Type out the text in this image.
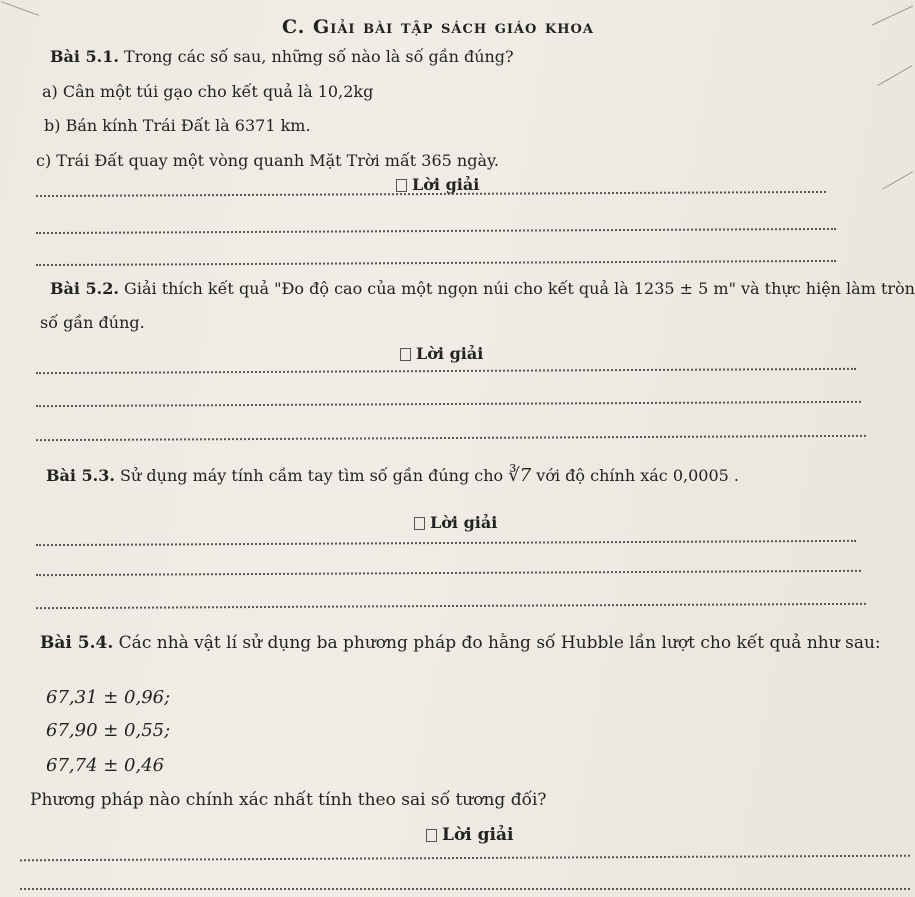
C. Giải bài tập sách giáo khoa
Bài 5.1. Trong các số sau, những số nào là số gần đúng?
a) Cân một túi gạo cho kết quả là 10,2kg
b) Bán kính Trái Đất là 6371 km.
c) Trái Đất quay một vòng quanh Mặt Trời mất 365 ngày.
Lời giải
Bài 5.2. Giải thích kết quả "Đo độ cao của một ngọn núi cho kết quả là 1235 ± 5 m" và thực hiện làm tròn
số gần đúng.
Lời giải
Bài 5.3. Sử dụng máy tính cầm tay tìm số gần đúng cho ∛7 với độ chính xác 0,0005 .
Lời giải
Bài 5.4. Các nhà vật lí sử dụng ba phương pháp đo hằng số Hubble lần lượt cho kết quả như sau:
67,31 ± 0,96;
67,90 ± 0,55;
67,74 ± 0,46
Phương pháp nào chính xác nhất tính theo sai số tương đối?
Lời giải
